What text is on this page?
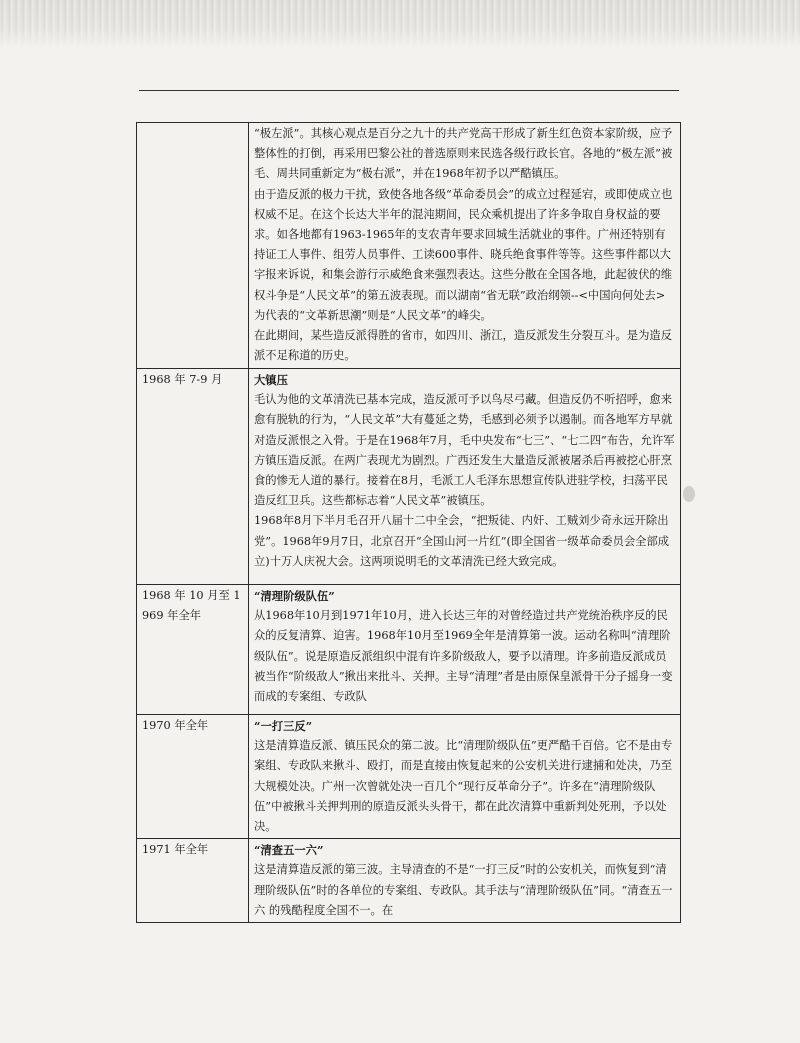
	“极左派”。其核心观点是百分之九十的共产党高干形成了新生红色资本家阶级，应予整体性的打倒，再采用巴黎公社的普选原则来民选各级行政长官。各地的“极左派”被毛、周共同重新定为“极右派”，并在1968年初予以严酷镇压。
由于造反派的极力干扰，致使各地各级“革命委员会”的成立过程延宕，或即使成立也权威不足。在这个长达大半年的混沌期间，民众乘机提出了许多争取自身权益的要求。如各地都有1963-1965年的支农青年要求回城生活就业的事件。广州还特别有持证工人事件、组劳人员事件、工读600事件、晓兵绝食事件等等。这些事件都以大字报来诉说，和集会游行示威绝食来强烈表达。这些分散在全国各地，此起彼伏的维权斗争是“人民文革”的第五波表现。而以湖南“省无联”政治纲领--<中国向何处去>为代表的“文革新思潮”则是“人民文革”的峰尖。
在此期间，某些造反派得胜的省市，如四川、浙江，造反派发生分裂互斗。是为造反派不足称道的历史。

1968 年 7-9 月	大镇压
毛认为他的文革清洗已基本完成，造反派可予以鸟尽弓藏。但造反仍不听招呼，愈来愈有脱轨的行为，“人民文革”大有蔓延之势，毛感到必须予以遏制。而各地军方早就对造反派恨之入骨。于是在1968年7月，毛中央发布“七三”、“七二四”布告，允许军方镇压造反派。在两广表现尤为剧烈。广西还发生大量造反派被屠杀后再被挖心肝烹食的惨无人道的暴行。接着在8月，毛派工人毛泽东思想宣传队进驻学校，扫荡平民造反红卫兵。这些都标志着“人民文革”被镇压。
1968年8月下半月毛召开八届十二中全会，“把叛徒、内奸、工贼刘少奇永远开除出党”。1968年9月7日，北京召开“全国山河一片红”(即全国省一级革命委员会全部成立)十万人庆祝大会。这两项说明毛的文革清洗已经大致完成。

1968 年 10 月至 1969 年全年	“清理阶级队伍”
从1968年10月到1971年10月，进入长达三年的对曾经造过共产党统治秩序反的民众的反复清算、迫害。1968年10月至1969全年是清算第一波。运动名称叫“清理阶级队伍”。说是原造反派组织中混有许多阶级敌人，要予以清理。许多前造反派成员被当作“阶级敌人”揪出来批斗、关押。主导“清理”者是由原保皇派骨干分子摇身一变而成的专案组、专政队

1970 年全年	“一打三反”
这是清算造反派、镇压民众的第二波。比“清理阶级队伍”更严酷千百倍。它不是由专案组、专政队来揪斗、殴打，而是直接由恢复起来的公安机关进行逮捕和处决，乃至大规模处决。广州一次曾就处决一百几个“现行反革命分子”。许多在“清理阶级队伍”中被揪斗关押判刑的原造反派头头骨干，都在此次清算中重新判处死刑，予以处决。

1971 年全年	“清查五一六”
这是清算造反派的第三波。主导清查的不是“一打三反”时的公安机关，而恢复到“清理阶级队伍”时的各单位的专案组、专政队。其手法与“清理阶级队伍”同。“清查五一六 的残酷程度全国不一。在
